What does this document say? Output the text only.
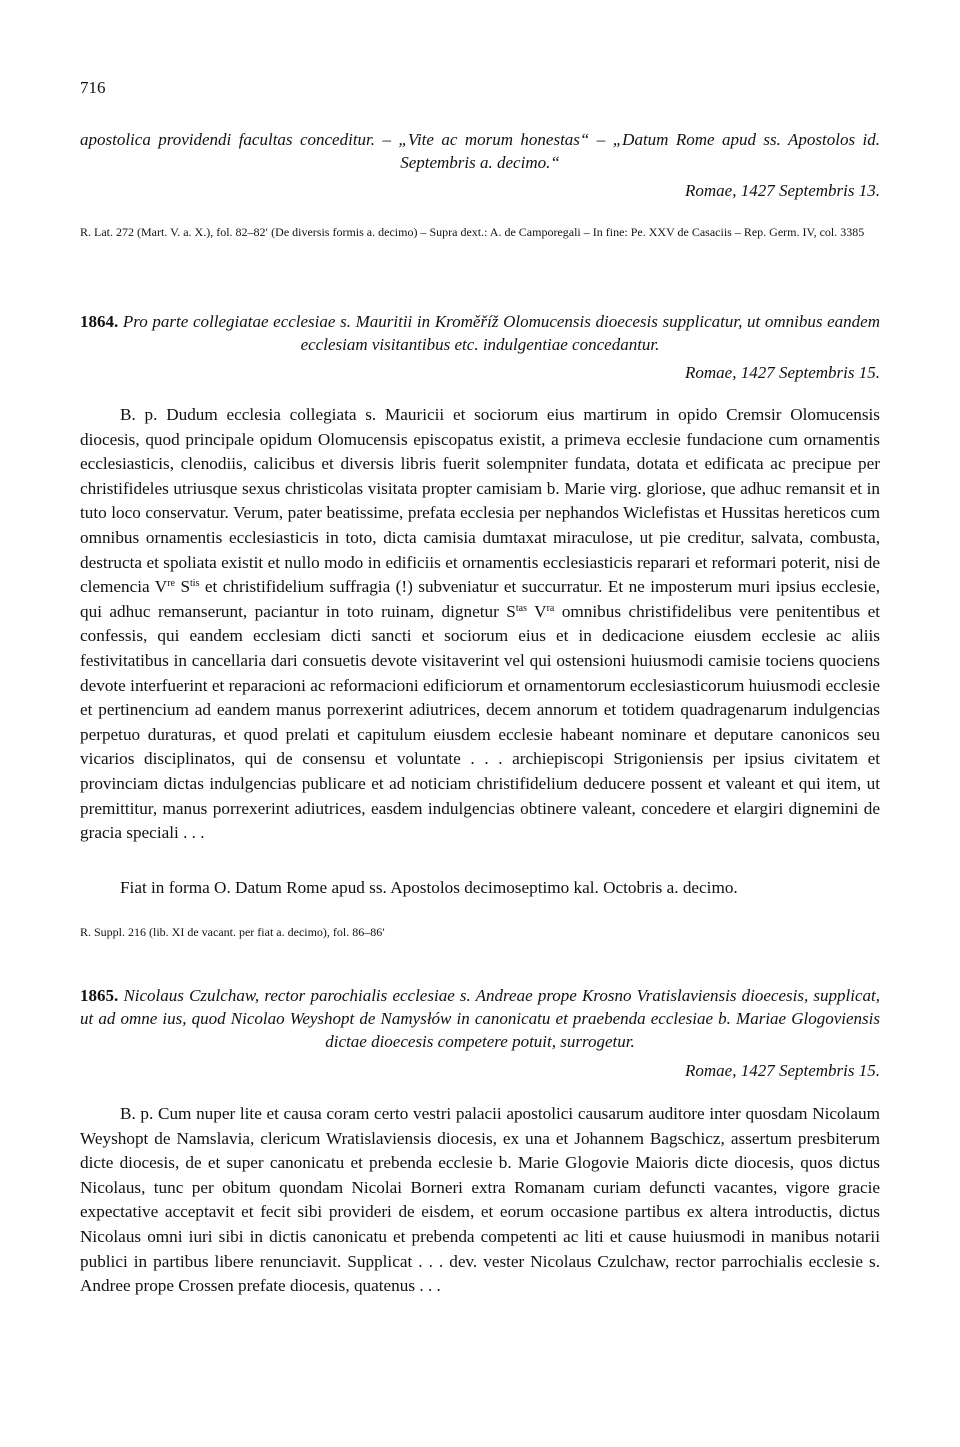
716
apostolica providendi facultas conceditur. – „Vite ac morum honestas“ – „Datum Rome apud ss. Apostolos id. Septembris a. decimo.“
Romae, 1427 Septembris 13.
R. Lat. 272 (Mart. V. a. X.), fol. 82–82′ (De diversis formis a. decimo) – Supra dext.: A. de Camporegali – In fine: Pe. XXV de Casaciis – Rep. Germ. IV, col. 3385
1864. Pro parte collegiatae ecclesiae s. Mauritii in Kroměříž Olomucensis dioecesis supplicatur, ut omnibus eandem ecclesiam visitantibus etc. indulgentiae concedantur.
Romae, 1427 Septembris 15.
B. p. Dudum ecclesia collegiata s. Mauricii et sociorum eius martirum in opido Cremsir Olomucensis diocesis, quod principale opidum Olomucensis episcopatus existit, a primeva ecclesie fundacione cum ornamentis ecclesiasticis, clenodiis, calicibus et diversis libris fuerit solempniter fundata, dotata et edificata ac precipue per christifideles utriusque sexus christicolas visitata propter camisiam b. Marie virg. gloriose, que adhuc remansit et in tuto loco conservatur. Verum, pater beatissime, prefata ecclesia per nephandos Wiclefistas et Hussitas hereticos cum omnibus ornamentis ecclesiasticis in toto, dicta camisia dumtaxat miraculose, ut pie creditur, salvata, combusta, destructa et spoliata existit et nullo modo in edificiis et ornamentis ecclesiasticis reparari et reformari poterit, nisi de clemencia Vre $S^{tis}$ et christifidelium suffragia (!) subveniatur et succurratur. Et ne imposterum muri ipsius ecclesie, qui adhuc remanserunt, paciantur in toto ruinam, dignetur $S^{tas}$ $V^{ra}$ omnibus christifidelibus vere penitentibus et confessis, qui eandem ecclesiam dicti sancti et sociorum eius et in dedicacione eiusdem ecclesie ac aliis festivitatibus in cancellaria dari consuetis devote visitaverint vel qui ostensioni huiusmodi camisie tociens quociens devote interfuerint et reparacioni ac reformacioni edificiorum et ornamentorum ecclesiasticorum huiusmodi ecclesie et pertinencium ad eandem manus porrexerint adiutrices, decem annorum et totidem quadragenarum indulgencias perpetuo duraturas, et quod prelati et capitulum eiusdem ecclesie habeant nominare et deputare canonicos seu vicarios disciplinatos, qui de consensu et voluntate . . . archiepiscopi Strigoniensis per ipsius civitatem et provinciam dictas indulgencias publicare et ad noticiam christifidelium deducere possent et valeant et qui item, ut premittitur, manus porrexerint adiutrices, easdem indulgencias obtinere valeant, concedere et elargiri dignemini de gracia speciali . . .
Fiat in forma O. Datum Rome apud ss. Apostolos decimoseptimo kal. Octobris a. decimo.
R. Suppl. 216 (lib. XI de vacant. per fiat a. decimo), fol. 86–86′
1865. Nicolaus Czulchaw, rector parochialis ecclesiae s. Andreae prope Krosno Vratislaviensis dioecesis, supplicat, ut ad omne ius, quod Nicolao Weyshopt de Namysłów in canonicatu et praebenda ecclesiae b. Mariae Glogoviensis dictae dioecesis competere potuit, surrogetur.
Romae, 1427 Septembris 15.
B. p. Cum nuper lite et causa coram certo vestri palacii apostolici causarum auditore inter quosdam Nicolaum Weyshopt de Namslavia, clericum Wratislaviensis diocesis, ex una et Johannem Bagschicz, assertum presbiterum dicte diocesis, de et super canonicatu et prebenda ecclesie b. Marie Glogovie Maioris dicte diocesis, quos dictus Nicolaus, tunc per obitum quondam Nicolai Borneri extra Romanam curiam defuncti vacantes, vigore gracie expectative acceptavit et fecit sibi provideri de eisdem, et eorum occasione partibus ex altera introductis, dictus Nicolaus omni iuri sibi in dictis canonicatu et prebenda competenti ac liti et cause huiusmodi in manibus notarii publici in partibus libere renunciavit. Supplicat . . . dev. vester Nicolaus Czulchaw, rector parrochialis ecclesie s. Andree prope Crossen prefate diocesis, quatenus . . .
